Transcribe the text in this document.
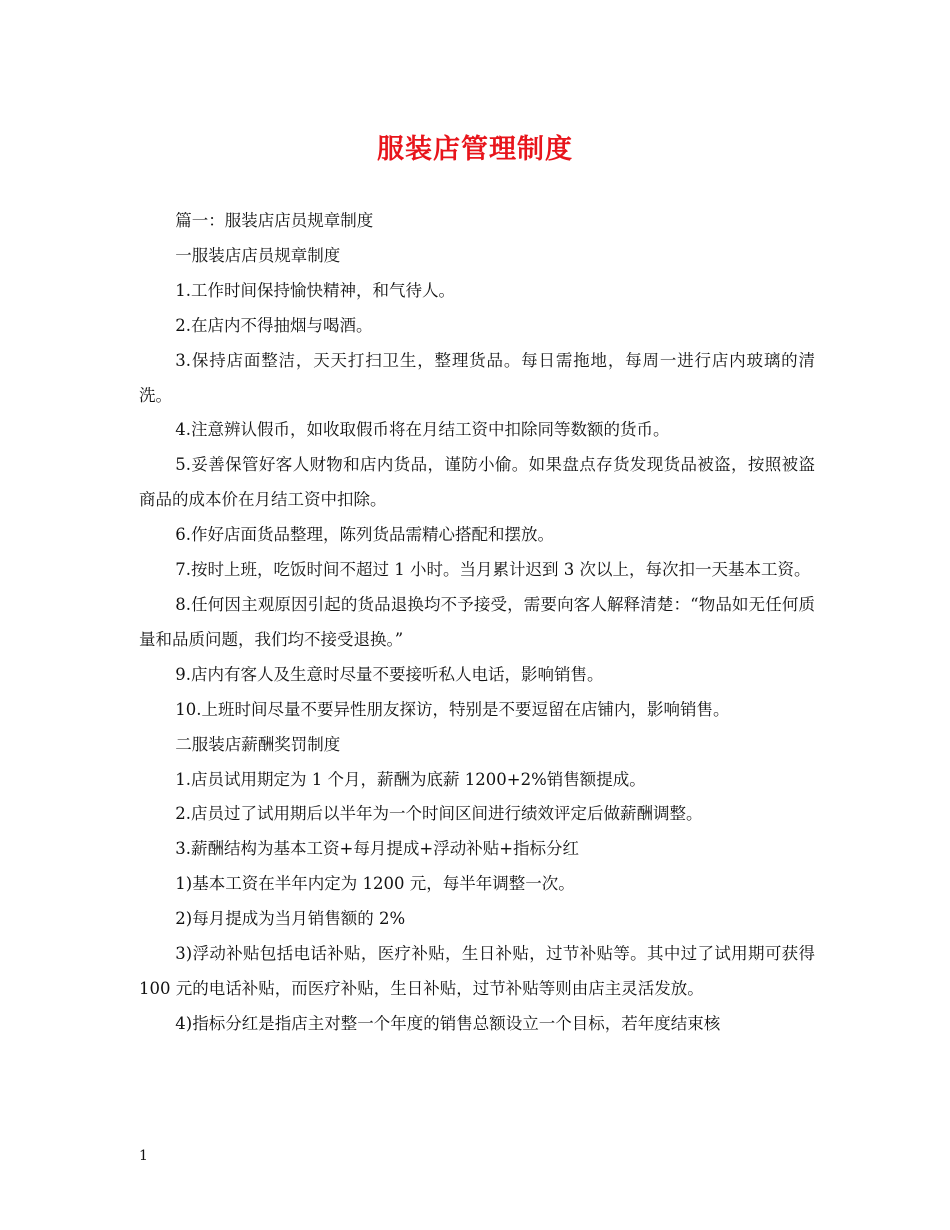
服装店管理制度

篇一：服装店店员规章制度

一服装店店员规章制度

1.工作时间保持愉快精神，和气待人。

2.在店内不得抽烟与喝酒。

3.保持店面整洁，天天打扫卫生，整理货品。每日需拖地，每周一进行店内玻璃的清洗。

4.注意辨认假币，如收取假币将在月结工资中扣除同等数额的货币。

5.妥善保管好客人财物和店内货品，谨防小偷。如果盘点存货发现货品被盗，按照被盗商品的成本价在月结工资中扣除。

6.作好店面货品整理，陈列货品需精心搭配和摆放。

7.按时上班，吃饭时间不超过 1 小时。当月累计迟到 3 次以上，每次扣一天基本工资。

8.任何因主观原因引起的货品退换均不予接受，需要向客人解释清楚：“物品如无任何质量和品质问题，我们均不接受退换。”

9.店内有客人及生意时尽量不要接听私人电话，影响销售。

10.上班时间尽量不要异性朋友探访，特别是不要逗留在店铺内，影响销售。

二服装店薪酬奖罚制度

1.店员试用期定为 1 个月，薪酬为底薪 1200+2%销售额提成。

2.店员过了试用期后以半年为一个时间区间进行绩效评定后做薪酬调整。

3.薪酬结构为基本工资+每月提成+浮动补贴+指标分红

1)基本工资在半年内定为 1200 元，每半年调整一次。

2)每月提成为当月销售额的 2%

3)浮动补贴包括电话补贴，医疗补贴，生日补贴，过节补贴等。其中过了试用期可获得 100 元的电话补贴，而医疗补贴，生日补贴，过节补贴等则由店主灵活发放。

4)指标分红是指店主对整一个年度的销售总额设立一个目标，若年度结束核

1
